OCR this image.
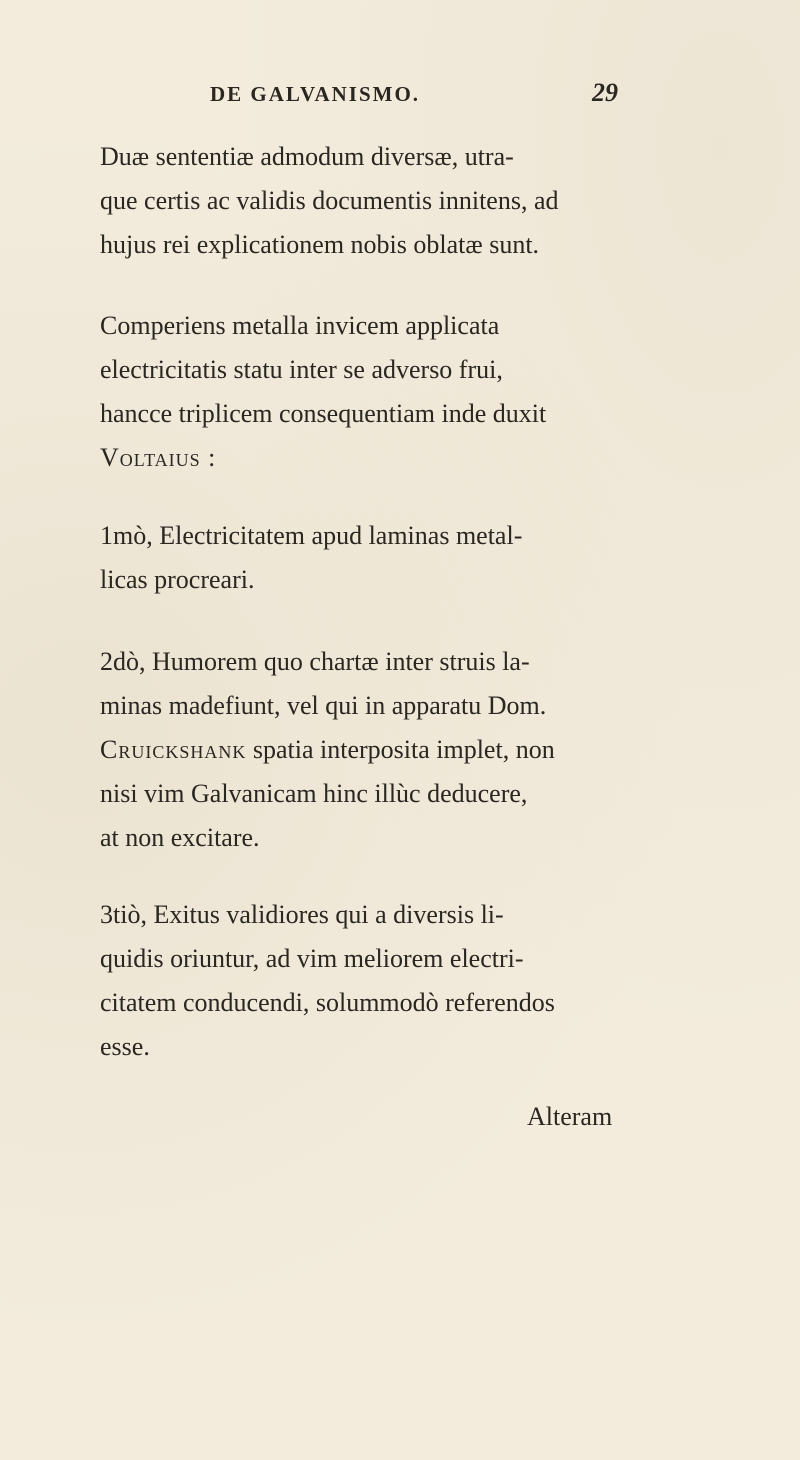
DE GALVANISMO.	29
Duæ sententiæ admodum diversæ, utra-
que certis ac validis documentis innitens, ad
hujus rei explicationem nobis oblatæ sunt.
Comperiens metalla invicem applicata
electricitatis statu inter se adverso frui,
hancce triplicem consequentiam inde duxit
Voltaius :
1mò, Electricitatem apud laminas metal-
licas procreari.
2dò, Humorem quo chartæ inter struis la-
minas madefiunt, vel qui in apparatu Dom.
Cruickshank spatia interposita implet, non
nisi vim Galvanicam hinc illùc deducere,
at non excitare.
3tiò, Exitus validiores qui a diversis li-
quidis oriuntur, ad vim meliorem electri-
citatem conducendi, solummodò referendos
esse.
Alteram
